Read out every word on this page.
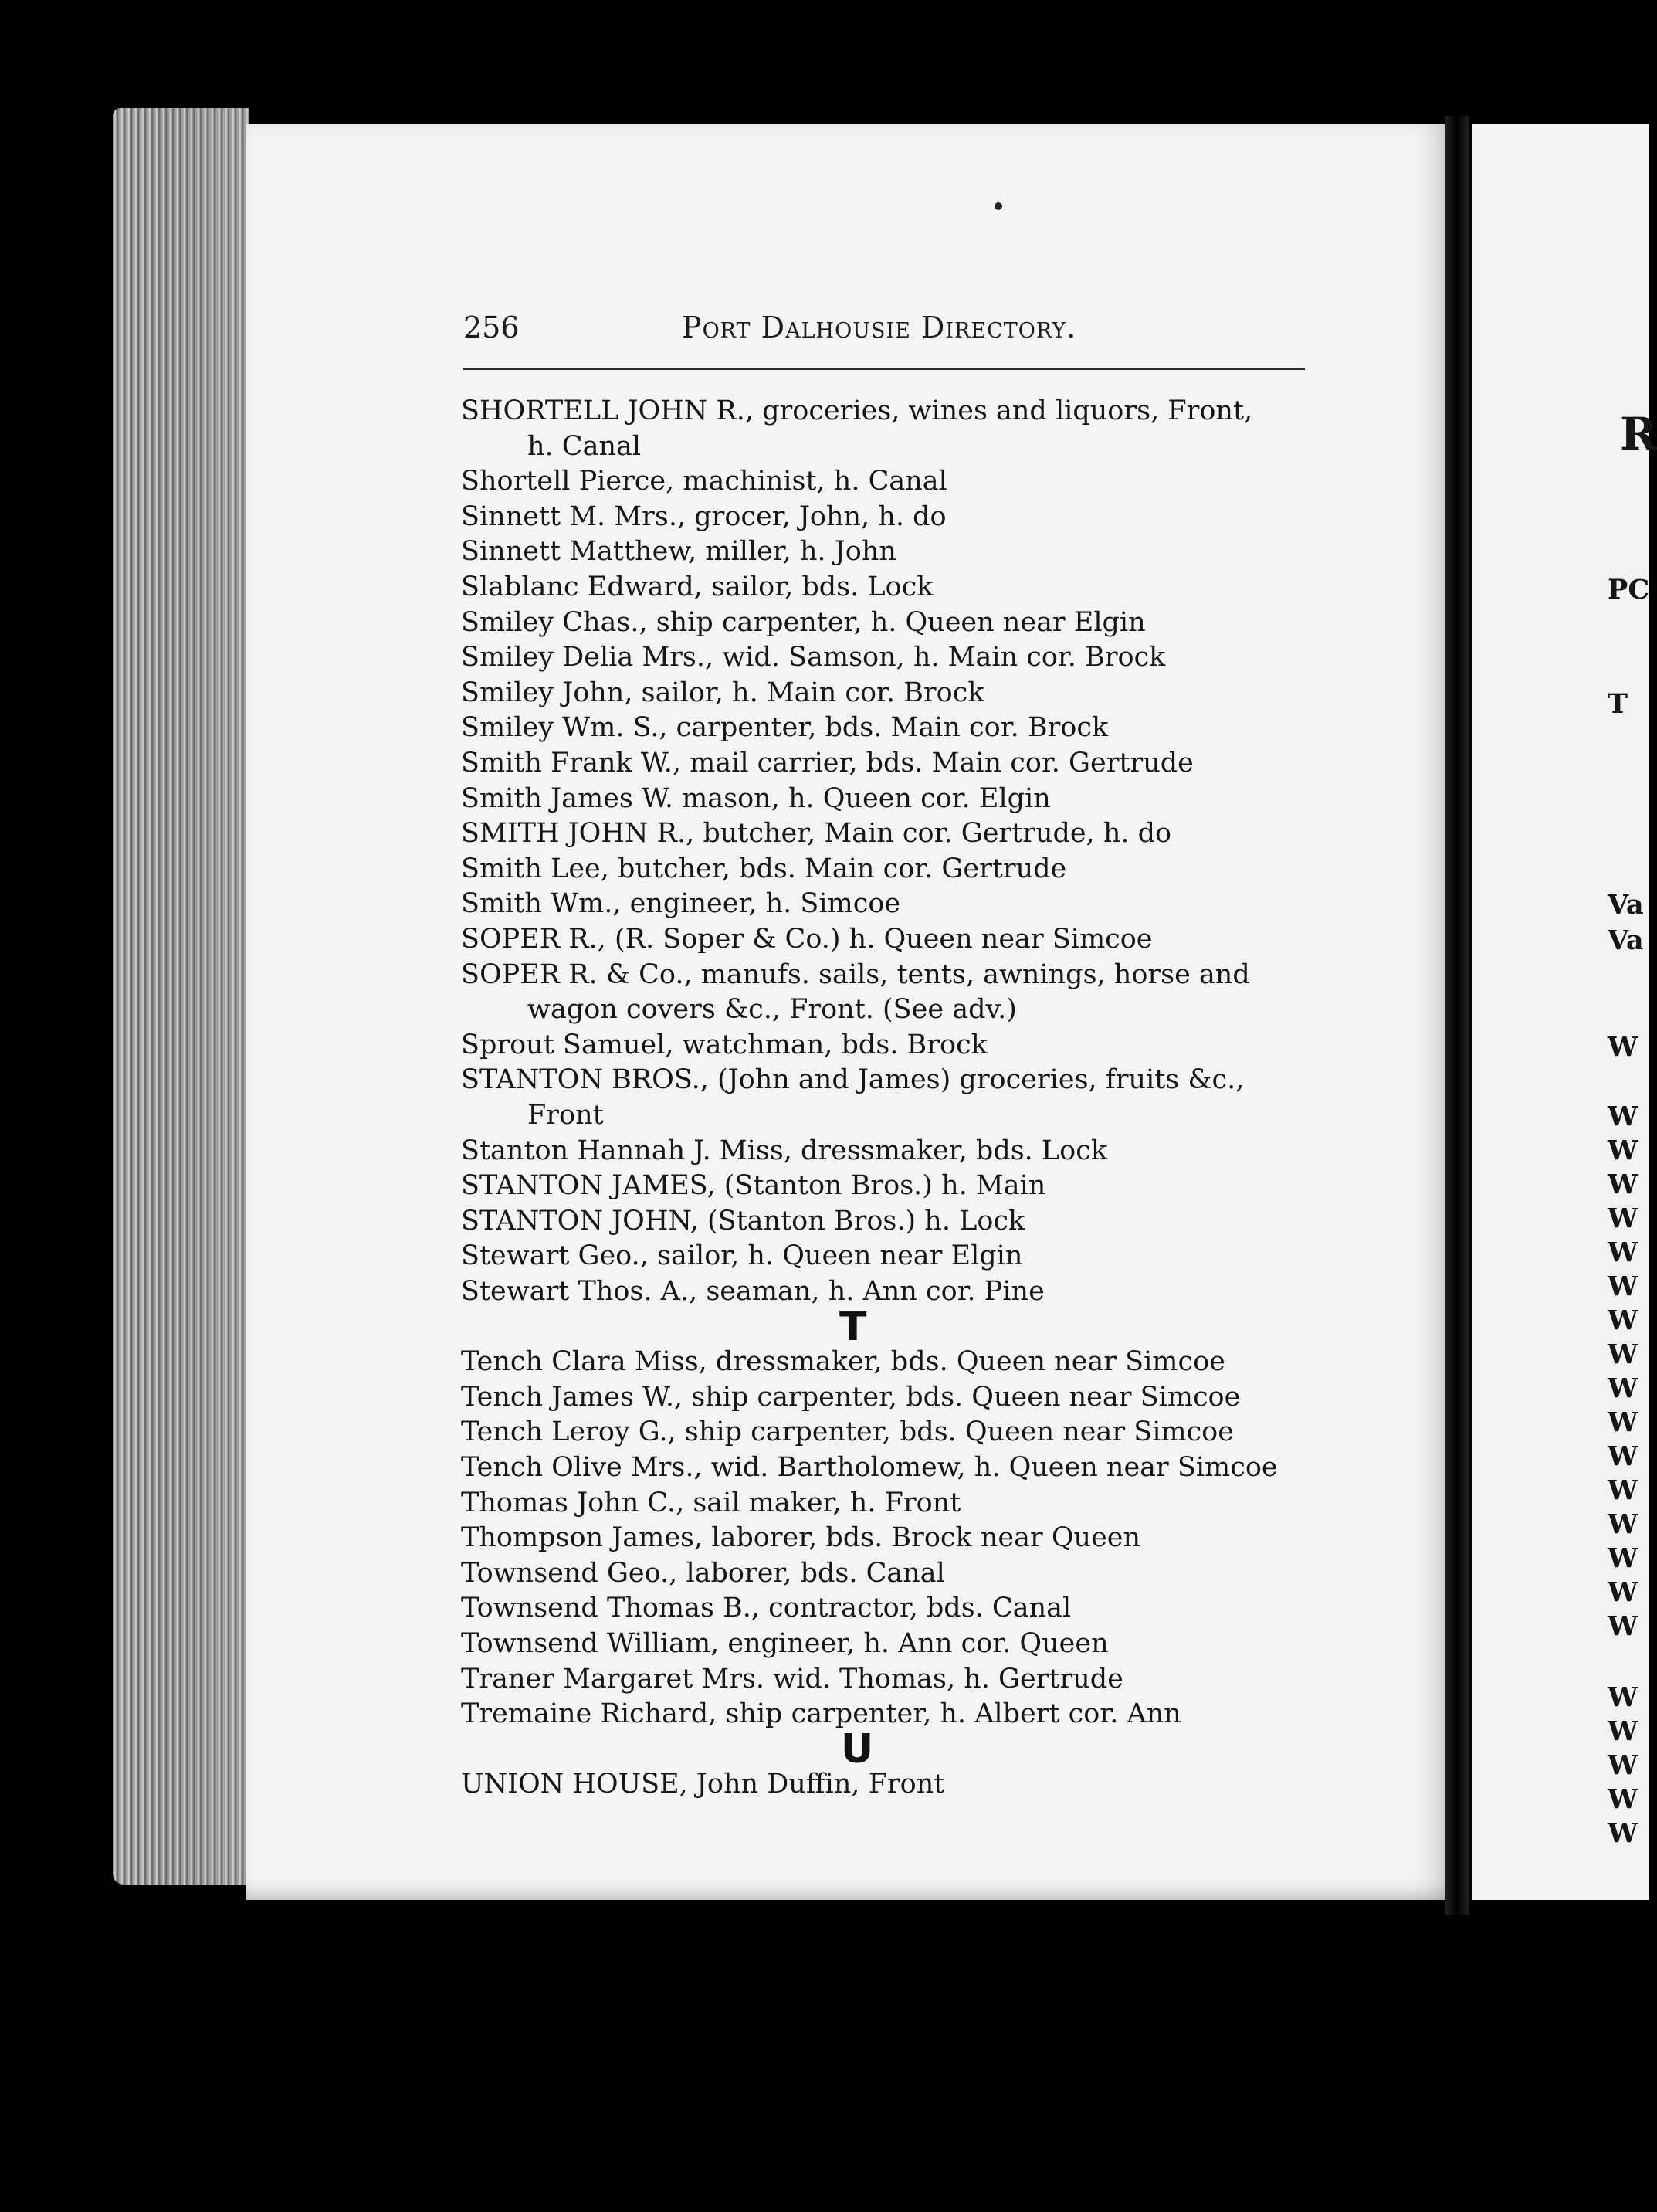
256	Port Dalhousie Directory.
SHORTELL JOHN R., groceries, wines and liquors, Front,
h. Canal
Shortell Pierce, machinist, h. Canal
Sinnett M. Mrs., grocer, John, h. do
Sinnett Matthew, miller, h. John
Slablanc Edward, sailor, bds. Lock
Smiley Chas., ship carpenter, h. Queen near Elgin
Smiley Delia Mrs., wid. Samson, h. Main cor. Brock
Smiley John, sailor, h. Main cor. Brock
Smiley Wm. S., carpenter, bds. Main cor. Brock
Smith Frank W., mail carrier, bds. Main cor. Gertrude
Smith James W. mason, h. Queen cor. Elgin
SMITH JOHN R., butcher, Main cor. Gertrude, h. do
Smith Lee, butcher, bds. Main cor. Gertrude
Smith Wm., engineer, h. Simcoe
SOPER R., (R. Soper & Co.) h. Queen near Simcoe
SOPER R. & Co., manufs. sails, tents, awnings, horse and
wagon covers &c., Front. (See adv.)
Sprout Samuel, watchman, bds. Brock
STANTON BROS., (John and James) groceries, fruits &c.,
Front
Stanton Hannah J. Miss, dressmaker, bds. Lock
STANTON JAMES, (Stanton Bros.) h. Main
STANTON JOHN, (Stanton Bros.) h. Lock
Stewart Geo., sailor, h. Queen near Elgin
Stewart Thos. A., seaman, h. Ann cor. Pine
T
Tench Clara Miss, dressmaker, bds. Queen near Simcoe
Tench James W., ship carpenter, bds. Queen near Simcoe
Tench Leroy G., ship carpenter, bds. Queen near Simcoe
Tench Olive Mrs., wid. Bartholomew, h. Queen near Simcoe
Thomas John C., sail maker, h. Front
Thompson James, laborer, bds. Brock near Queen
Townsend Geo., laborer, bds. Canal
Townsend Thomas B., contractor, bds. Canal
Townsend William, engineer, h. Ann cor. Queen
Traner Margaret Mrs. wid. Thomas, h. Gertrude
Tremaine Richard, ship carpenter, h. Albert cor. Ann
U
UNION HOUSE, John Duffin, Front
R
PC
T
Va
Va
W
W
W
W
W
W
W
W
W
W
W
W
W
W
W
W
W
W
W
W
W
W
